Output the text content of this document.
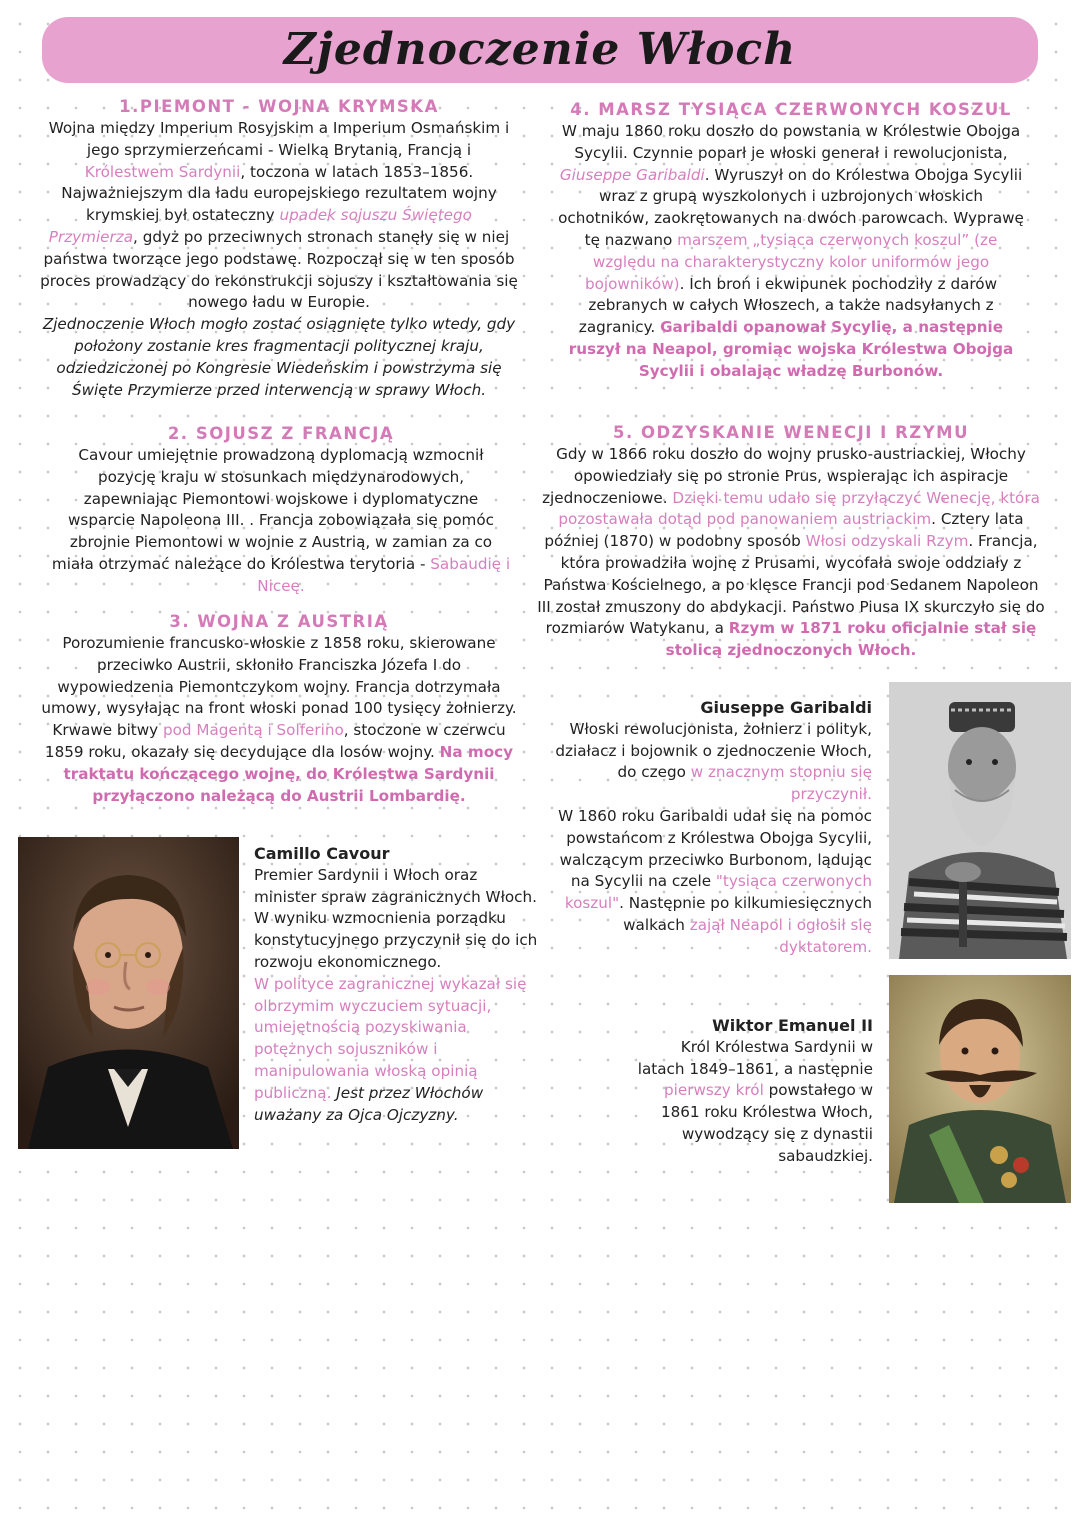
Zjednoczenie Włoch
1.PIEMONT - WOJNA KRYMSKA

Wojna między Imperium Rosyjskim a Imperium Osmańskim i jego sprzymierzeńcami - Wielką Brytanią, Francją i Królestwem Sardynii, toczona w latach 1853–1856.

Najważniejszym dla ładu europejskiego rezultatem wojny krymskiej był ostateczny upadek sojuszu Świętego Przymierza, gdyż po przeciwnych stronach stanęły się w niej państwa tworzące jego podstawę. Rozpoczął się w ten sposób proces prowadzący do rekonstrukcji sojuszy i kształtowania się nowego ładu w Europie.

Zjednoczenie Włoch mogło zostać osiągnięte tylko wtedy, gdy położony zostanie kres fragmentacji politycznej kraju, odziedziczonej po Kongresie Wiedeńskim i powstrzyma się Święte Przymierze przed interwencją w sprawy Włoch.

2. SOJUSZ Z FRANCJĄ

Cavour umiejętnie prowadzoną dyplomacją wzmocnił pozycję kraju w stosunkach międzynarodowych, zapewniając Piemontowi wojskowe i dyplomatyczne wsparcie Napoleona III. . Francja zobowiązała się pomóc zbrojnie Piemontowi w wojnie z Austrią, w zamian za co miała otrzymać należące do Królestwa terytoria - Sabaudię i Niceę.

3. WOJNA Z AUSTRIĄ

Porozumienie francusko-włoskie z 1858 roku, skierowane przeciwko Austrii, skłoniło Franciszka Józefa I do wypowiedzenia Piemontczykom wojny. Francja dotrzymała umowy, wysyłając na front włoski ponad 100 tysięcy żołnierzy. Krwawe bitwy pod Magentą i Solferino, stoczone w czerwcu 1859 roku, okazały się decydujące dla losów wojny. Na mocy traktatu kończącego wojnę, do Królestwa Sardynii przyłączono należącą do Austrii Lombardię.

4. MARSZ TYSIĄCA CZERWONYCH KOSZUL

W maju 1860 roku doszło do powstania w Królestwie Obojga Sycylii. Czynnie poparł je włoski generał i rewolucjonista, Giuseppe Garibaldi. Wyruszył on do Królestwa Obojga Sycylii wraz z grupą wyszkolonych i uzbrojonych włoskich ochotników, zaokrętowanych na dwóch parowcach. Wyprawę tę nazwano marszem „tysiąca czerwonych koszul” (ze względu na charakterystyczny kolor uniformów jego bojowników). Ich broń i ekwipunek pochodziły z darów zebranych w całych Włoszech, a także nadsyłanych z zagranicy. Garibaldi opanował Sycylię, a następnie ruszył na Neapol, gromiąc wojska Królestwa Obojga Sycylii i obalając władzę Burbonów.

5. ODZYSKANIE WENECJI I RZYMU

Gdy w 1866 roku doszło do wojny prusko-austriackiej, Włochy opowiedziały się po stronie Prus, wspierając ich aspiracje zjednoczeniowe. Dzięki temu udało się przyłączyć Wenecję, która pozostawała dotąd pod panowaniem austriackim. Cztery lata później (1870) w podobny sposób Włosi odzyskali Rzym. Francja, która prowadziła wojnę z Prusami, wycofała swoje oddziały z Państwa Kościelnego, a po klęsce Francji pod Sedanem Napoleon III został zmuszony do abdykacji. Państwo Piusa IX skurczyło się do rozmiarów Watykanu, a Rzym w 1871 roku oficjalnie stał się stolicą zjednoczonych Włoch.

Camillo Cavour

Premier Sardynii i Włoch oraz minister spraw zagranicznych Włoch. W wyniku wzmocnienia porządku konstytucyjnego przyczynił się do ich rozwoju ekonomicznego.

W polityce zagranicznej wykazał się olbrzymim wyczuciem sytuacji, umiejętnością pozyskiwania potężnych sojuszników i manipulowania włoską opinią publiczną. Jest przez Włochów uważany za Ojca Ojczyzny.

Giuseppe Garibaldi

Włoski rewolucjonista, żołnierz i polityk, działacz i bojownik o zjednoczenie Włoch, do czego w znacznym stopniu się przyczynił.

W 1860 roku Garibaldi udał się na pomoc powstańcom z Królestwa Obojga Sycylii, walczącym przeciwko Burbonom, lądując na Sycylii na czele "tysiąca czerwonych koszul". Następnie po kilkumiesięcznych walkach zajął Neapol i ogłosił się dyktatorem.

Wiktor Emanuel II

Król Królestwa Sardynii w latach 1849–1861, a następnie pierwszy król powstałego w 1861 roku Królestwa Włoch, wywodzący się z dynastii sabaudzkiej.
